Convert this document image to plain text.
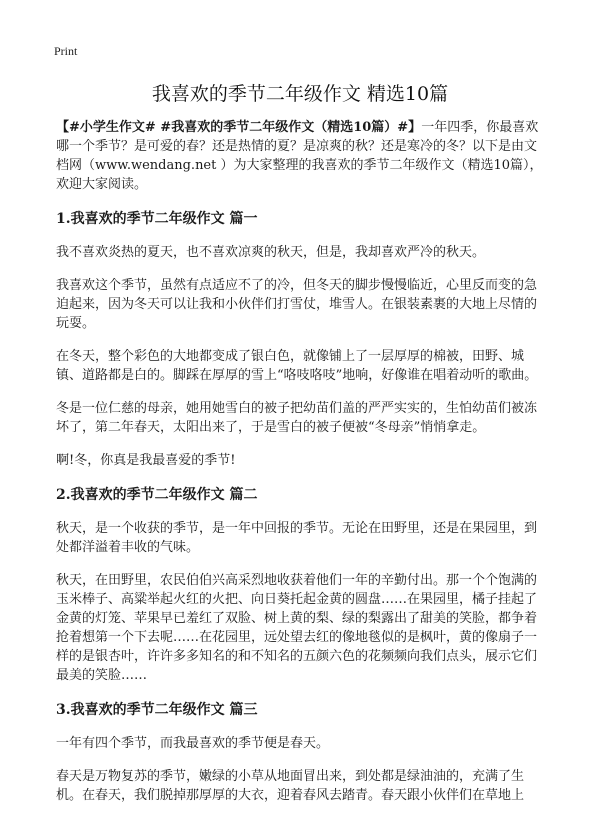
Print
我喜欢的季节二年级作文 精选10篇

【#小学生作文# #我喜欢的季节二年级作文（精选10篇）#】一年四季，你最喜欢哪一个季节？是可爱的春？还是热情的夏？是凉爽的秋？还是寒冷的冬？以下是由文档网（www.wendang.net ）为大家整理的我喜欢的季节二年级作文（精选10篇），欢迎大家阅读。

1.我喜欢的季节二年级作文 篇一

我不喜欢炎热的夏天，也不喜欢凉爽的秋天，但是，我却喜欢严冷的秋天。

我喜欢这个季节，虽然有点适应不了的冷，但冬天的脚步慢慢临近，心里反而变的急迫起来，因为冬天可以让我和小伙伴们打雪仗，堆雪人。在银装素裹的大地上尽情的玩耍。

在冬天，整个彩色的大地都变成了银白色，就像铺上了一层厚厚的棉被，田野、城镇、道路都是白的。脚踩在厚厚的雪上“咯吱咯吱”地响，好像谁在唱着动听的歌曲。

冬是一位仁慈的母亲，她用她雪白的被子把幼苗们盖的严严实实的，生怕幼苗们被冻坏了，第二年春天，太阳出来了，于是雪白的被子便被“冬母亲”悄悄拿走。

啊!冬，你真是我最喜爱的季节!

2.我喜欢的季节二年级作文 篇二

秋天，是一个收获的季节，是一年中回报的季节。无论在田野里，还是在果园里，到处都洋溢着丰收的气味。

秋天，在田野里，农民伯伯兴高采烈地收获着他们一年的辛勤付出。那一个个饱满的玉米棒子、高粱举起火红的火把、向日葵托起金黄的圆盘……在果园里，橘子挂起了金黄的灯笼、苹果早已羞红了双脸、树上黄的梨、绿的梨露出了甜美的笑脸，都争着抢着想第一个下去呢……在花园里，远处望去红的像地毯似的是枫叶，黄的像扇子一样的是银杏叶，许许多多知名的和不知名的五颜六色的花频频向我们点头，展示它们最美的笑脸……

3.我喜欢的季节二年级作文 篇三

一年有四个季节，而我最喜欢的季节便是春天。

春天是万物复苏的季节，嫩绿的小草从地面冒出来，到处都是绿油油的，充满了生机。在春天，我们脱掉那厚厚的大衣，迎着春风去踏青。春天跟小伙伴们在草地上
